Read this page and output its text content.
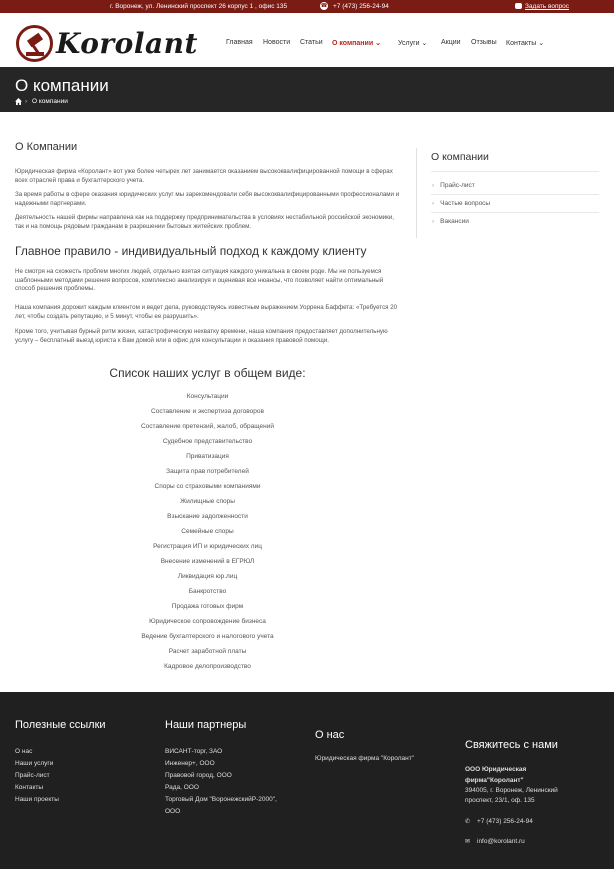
г. Воронеж, ул. Ленинский проспект 26 корпус 1 , офис 135	☎ +7 (473) 256-24-94	Задать вопрос
Korolant	Главная Новости Статьи О компании ⌄ Услуги ⌄ Акции Отзывы Контакты ⌄
О компании
› О компании
О Компании
Юридическая фирма «Королант» вот уже более четырех лет занимается оказанием высококвалифицированной помощи в сферах всех отраслей права и бухгалтерского учета.
За время работы в сфере оказания юридических услуг мы зарекомендовали себя высококвалифицированными профессионалами и надежными партнерами.
Деятельность нашей фирмы направлена как на поддержку предпринимательства в условиях нестабильной российской экономики, так и на помощь рядовым гражданам в разрешении бытовых житейских проблем.
Главное правило - индивидуальный подход к каждому клиенту
Не смотря на схожесть проблем многих людей, отдельно взятая ситуация каждого уникальна в своем роде. Мы не пользуемся шаблонными методами решения вопросов, комплексно анализируя и оценивая все нюансы, что позволяет найти оптимальный способ решения проблемы.
Наша компания дорожит каждым клиентом и ведет дела, руководствуясь известным выражением Уоррена Баффета: «Требуется 20 лет, чтобы создать репутацию, и 5 минут, чтобы ее разрушить».
Кроме того, учитывая бурный ритм жизни, катастрофическую нехватку времени, наша компания предоставляет дополнительную услугу – бесплатный выезд юриста к Вам домой или в офис для консультации и оказания правовой помощи.
Список наших услуг в общем виде:
Консультации
Составление и экспертиза договоров
Составление претензий, жалоб, обращений
Судебное представительство
Приватизация
Защита прав потребителей
Споры со страховыми компаниями
Жилищные споры
Взыскание задолженности
Семейные споры
Регистрация ИП и юридических лиц
Внесение изменений в ЕГРЮЛ
Ликвидация юр.лиц
Банкротство
Продажа готовых фирм
Юридическое сопровождение бизнеса
Ведение бухгалтерского и налогового учета
Расчет заработной платы
Кадровое делопроизводство
О компании
› Прайс-лист
› Частые вопросы
› Вакансии
Полезные ссылки
О нас
Наши услуги
Прайс-лист
Контакты
Наши проекты
Наши партнеры
ВИСАНТ-торг, ЗАО
Инженер+, ООО
Правовой город, ООО
Рада, ООО
Торговый Дом "ВоронежскийР-2000",
ООО
О нас
Юридическая фирма "Королант"
Свяжитесь с нами
ООО Юридическая
фирма"Королант"
394005, г. Воронеж, Ленинский
проспект, 23/1, оф. 135
✆ +7 (473) 256-24-94
✉ info@korolant.ru
